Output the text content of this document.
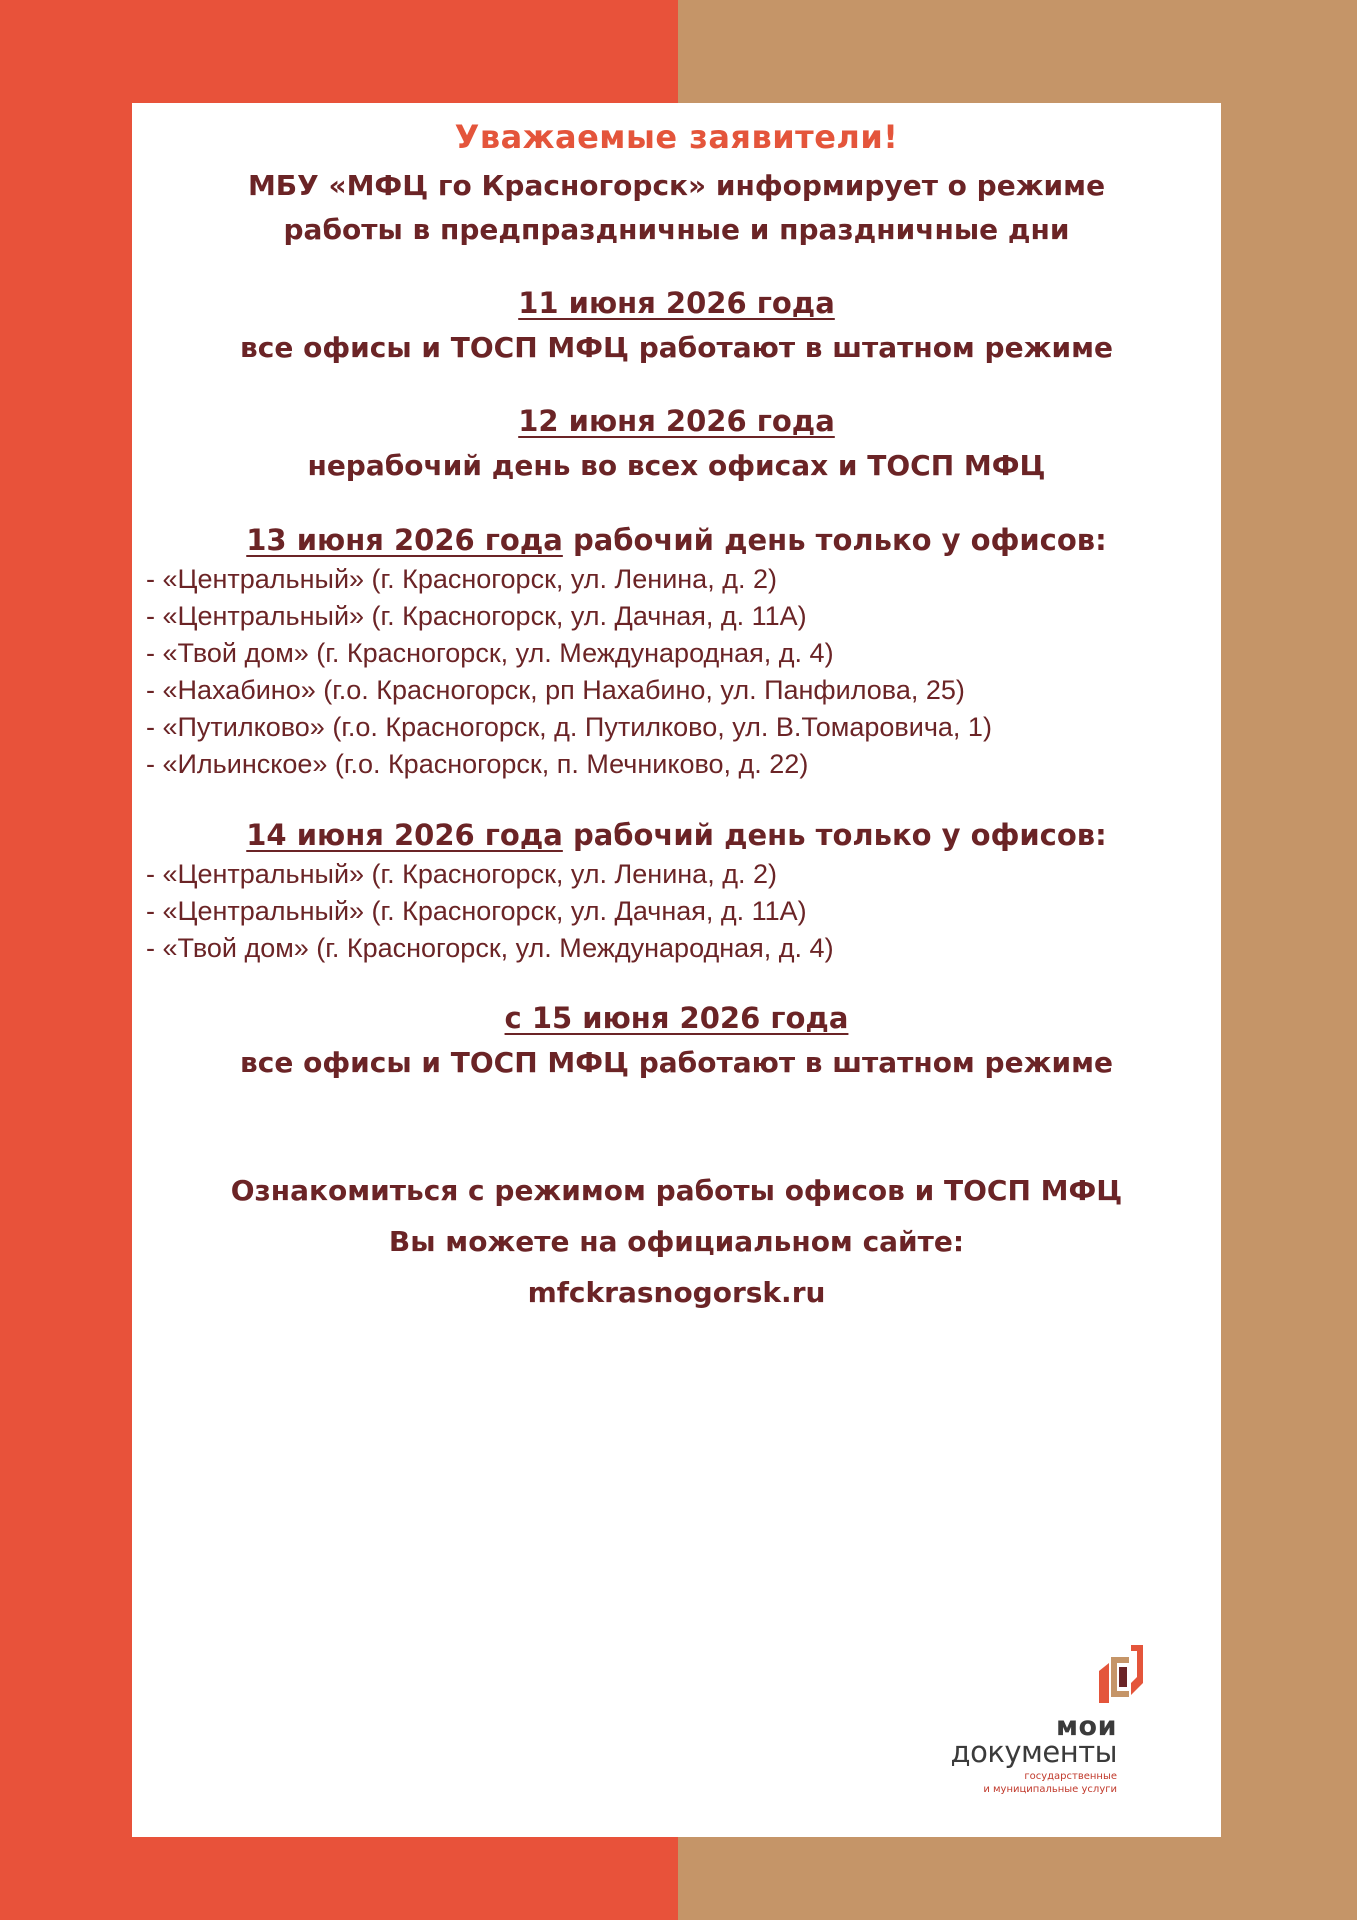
Уважаемые заявители!
МБУ «МФЦ го Красногорск» информирует о режиме
работы в предпраздничные и праздничные дни
11 июня 2026 года
все офисы и ТОСП МФЦ работают в штатном режиме
12 июня 2026 года
нерабочий день во всех офисах и ТОСП МФЦ
13 июня 2026 года рабочий день только у офисов:
- «Центральный» (г. Красногорск, ул. Ленина, д. 2)
- «Центральный» (г. Красногорск, ул. Дачная, д. 11А)
- «Твой дом» (г. Красногорск, ул. Международная, д. 4)
- «Нахабино» (г.о. Красногорск, рп Нахабино, ул. Панфилова, 25)
- «Путилково» (г.о. Красногорск, д. Путилково, ул. В.Томаровича, 1)
- «Ильинское» (г.о. Красногорск, п. Мечниково, д. 22)
14 июня 2026 года рабочий день только у офисов:
- «Центральный» (г. Красногорск, ул. Ленина, д. 2)
- «Центральный» (г. Красногорск, ул. Дачная, д. 11А)
- «Твой дом» (г. Красногорск, ул. Международная, д. 4)
с 15 июня 2026 года
все офисы и ТОСП МФЦ работают в штатном режиме
Ознакомиться с режимом работы офисов и ТОСП МФЦ
Вы можете на официальном сайте:
mfckrasnogorsk.ru
мои
документы
государственные
и муниципальные услуги
